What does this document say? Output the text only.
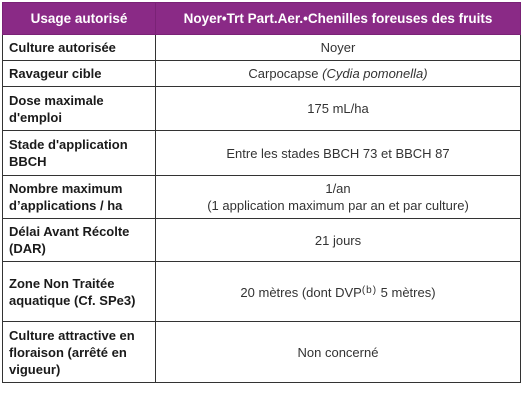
Usage autorisé	Noyer•Trt Part.Aer.•Chenilles foreuses des fruits
Culture autorisée	Noyer
Ravageur cible	Carpocapse (Cydia pomonella)
Dose maximale d'emploi	175 mL/ha
Stade d'application BBCH	Entre les stades BBCH 73 et BBCH 87
Nombre maximum d’applications / ha	1/an
(1 application maximum par an et par culture)

Délai Avant Récolte (DAR)	21 jours
Zone Non Traitée aquatique (Cf. SPe3)	20 mètres (dont DVP$^{(b)}$ 5 mètres)
Culture attractive en floraison (arrêté en vigueur)	Non concerné
